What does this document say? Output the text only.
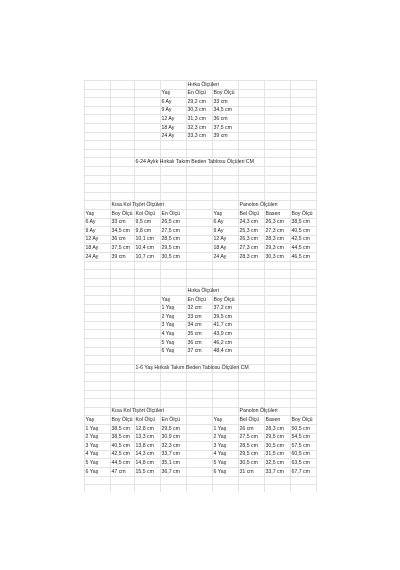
Hırka Ölçüleri
Yaş	En Ölçü Boy Ölçü
6 Ay	29,2 cm 33 cm
9 Ay	30,3 cm 34,5 cm
12 Ay	31,3 cm 36 cm
18 Ay	32,3 cm 37,5 cm
24 Ay	33,3 cm 39 cm
6-24 Aylık Hırkalı Takım Beden Tablosu Ölçüleri CM
Kısa Kol Tişört Ölçüleri	Panolon Ölçüleri
Yaş	Boy Ölçü Kol Ölçü En Ölçü	Yaş	Bel Ölçü Basen Boy Ölçü
6 Ay	33 cm 9,5 cm 26,5 cm	6 Ay	24,3 cm 26,3 cm 38,5 cm
9 Ay	34,5 cm 9,8 cm 27,5 cm	9 Ay	25,3 cm 27,3 cm 40,5 cm
12 Ay	36 cm 10,1 cm 28,5 cm	12 Ay	26,3 cm 28,3 cm 42,5 cm
18 Ay	37,5 cm 10,4 cm 29,5 cm	18 Ay	27,3 cm 29,3 cm 44,5 cm
24 Ay	39 cm 10,7 cm 30,5 cm	24 Ay	28,3 cm 30,3 cm 46,5 cm
Hırka Ölçüleri
Yaş	En Ölçü Boy Ölçü
1 Yaş	32 cm 37,2 cm
2 Yaş	33 cm 39,5 cm
3 Yaş	34 cm 41,7 cm
4 Yaş	35 cm 43,9 cm
5 Yaş	36 cm 46,2 cm
6 Yaş	37 cm 48,4 cm
1-6 Yaş Hırkalı Takım Beden Tablosu Ölçüleri CM
Kısa Kol Tişört Ölçüleri	Panolon Ölçüleri
Yaş	Boy Ölçü Kol Ölçü En Ölçü	Yaş	Bel Ölçü Basen Boy Ölçü
1 Yaş	38,5 cm 12,8 cm 29,5 cm	1 Yaş	26 cm 28,3 cm 50,5 cm
2 Yaş	38,5 cm 13,3 cm 30,9 cm	2 Yaş	27,5 cm 29,5 cm 54,5 cm
3 Yaş	40,5 cm 13,8 cm 32,3 cm	3 Yaş	28,5 cm 30,5 cm 57,5 cm
4 Yaş	42,5 cm 14,3 cm 33,7 cm	4 Yaş	29,5 cm 31,5 cm 60,5 cm
5 Yaş	44,5 cm 14,8 cm 35,1 cm	5 Yaş	30,5 cm 32,5 cm 63,5 cm
6 Yaş	47 cm 15,5 cm 36,7 cm	6 Yaş	31 cm 33,7 cm 67,7 cm
